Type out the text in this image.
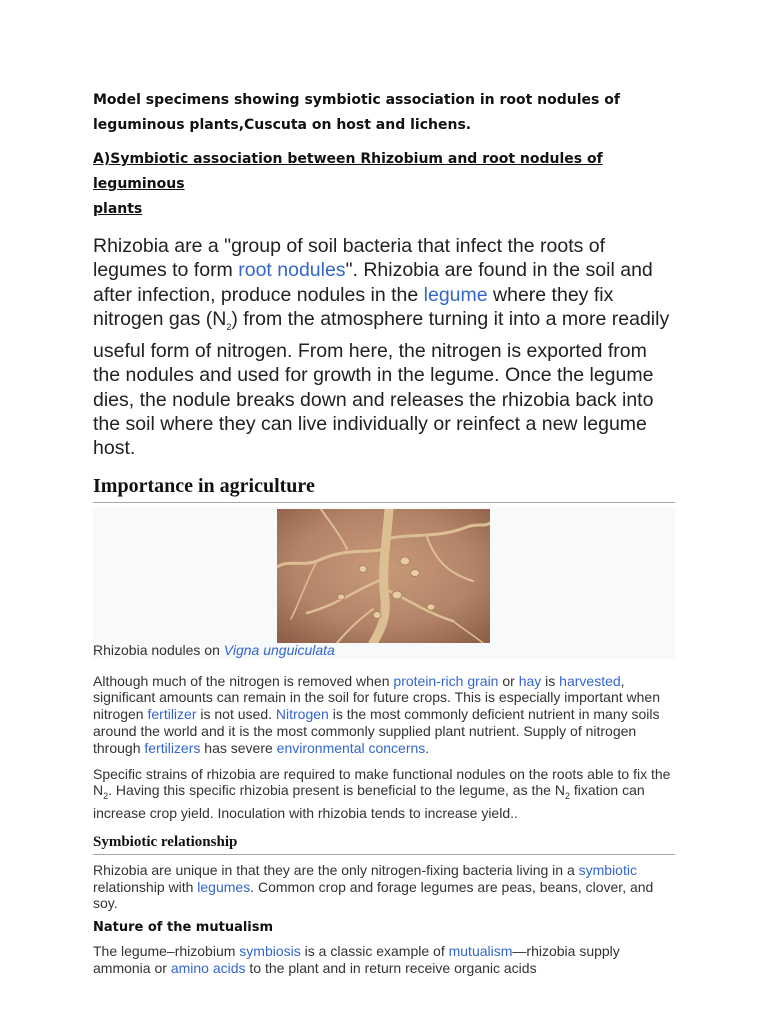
Model specimens showing symbiotic association in root nodules of
leguminous plants,Cuscuta on host and lichens.

A)Symbiotic association between Rhizobium and root nodules of leguminous
plants

Rhizobia are a "group of soil bacteria that infect the roots of legumes to form root nodules". Rhizobia are found in the soil and after infection, produce nodules in the legume where they fix nitrogen gas $(N_2)$ from the atmosphere turning it into a more readily useful form of nitrogen. From here, the nitrogen is exported from the nodules and used for growth in the legume. Once the legume dies, the nodule breaks down and releases the rhizobia back into the soil where they can live individually or reinfect a new legume host.

Importance in agriculture
Rhizobia nodules on Vigna unguiculata

Although much of the nitrogen is removed when protein-rich grain or hay is harvested, significant amounts can remain in the soil for future crops. This is especially important when nitrogen fertilizer is not used. Nitrogen is the most commonly deficient nutrient in many soils around the world and it is the most commonly supplied plant nutrient. Supply of nitrogen through fertilizers has severe environmental concerns.

Specific strains of rhizobia are required to make functional nodules on the roots able to fix the $N_2$. Having this specific rhizobia present is beneficial to the legume, as the $N_2$ fixation can increase crop yield. Inoculation with rhizobia tends to increase yield..

Symbiotic relationship

Rhizobia are unique in that they are the only nitrogen-fixing bacteria living in a symbiotic relationship with legumes. Common crop and forage legumes are peas, beans, clover, and soy.

Nature of the mutualism

The legume–rhizobium symbiosis is a classic example of mutualism—rhizobia supply ammonia or amino acids to the plant and in return receive organic acids
